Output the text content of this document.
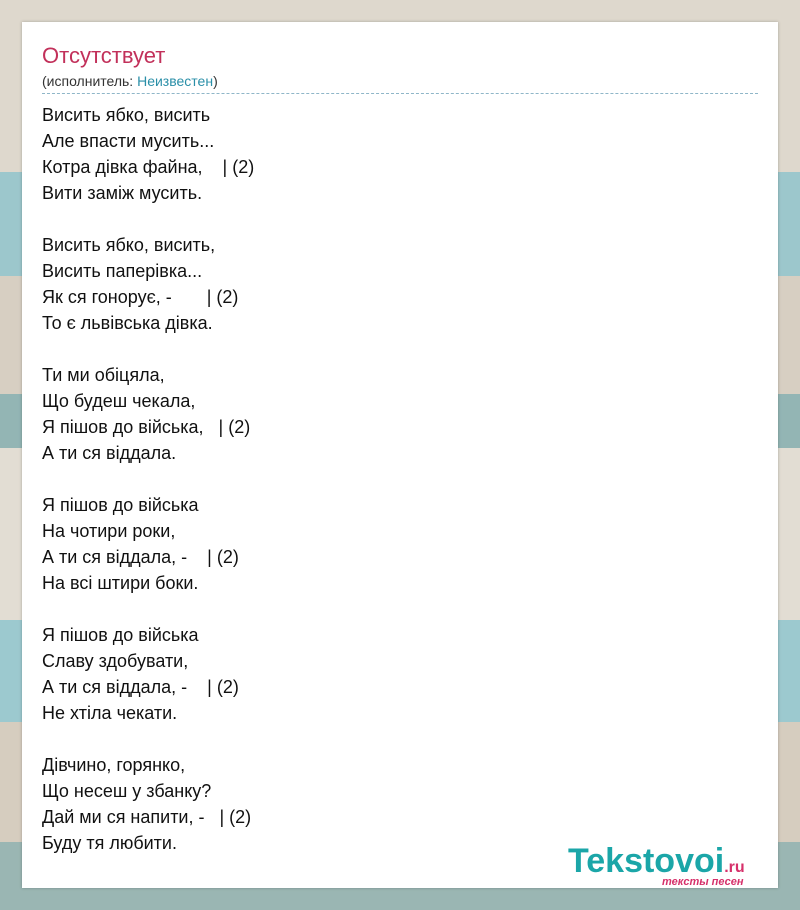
Отсутствует
(исполнитель: Неизвестен)
Висить ябко, висить
Але впасти мусить...
Котра дівка файна,    | (2)
Вити заміж мусить.
Висить ябко, висить,
Висить паперівка...
Як ся гонорує, -       | (2)
То є львівська дівка.
Ти ми обіцяла,
Що будеш чекала,
Я пішов до війська,   | (2)
А ти ся віддала.
Я пішов до війська
На чотири роки,
А ти ся віддала, -    | (2)
На всі штири боки.
Я пішов до війська
Славу здобувати,
А ти ся віддала, -    | (2)
Не хтіла чекати.
Дівчино, горянко,
Що несеш у збанку?
Дай ми ся напити, -   | (2)
Буду тя любити.	Tekstovoi.ru
тексты песен
